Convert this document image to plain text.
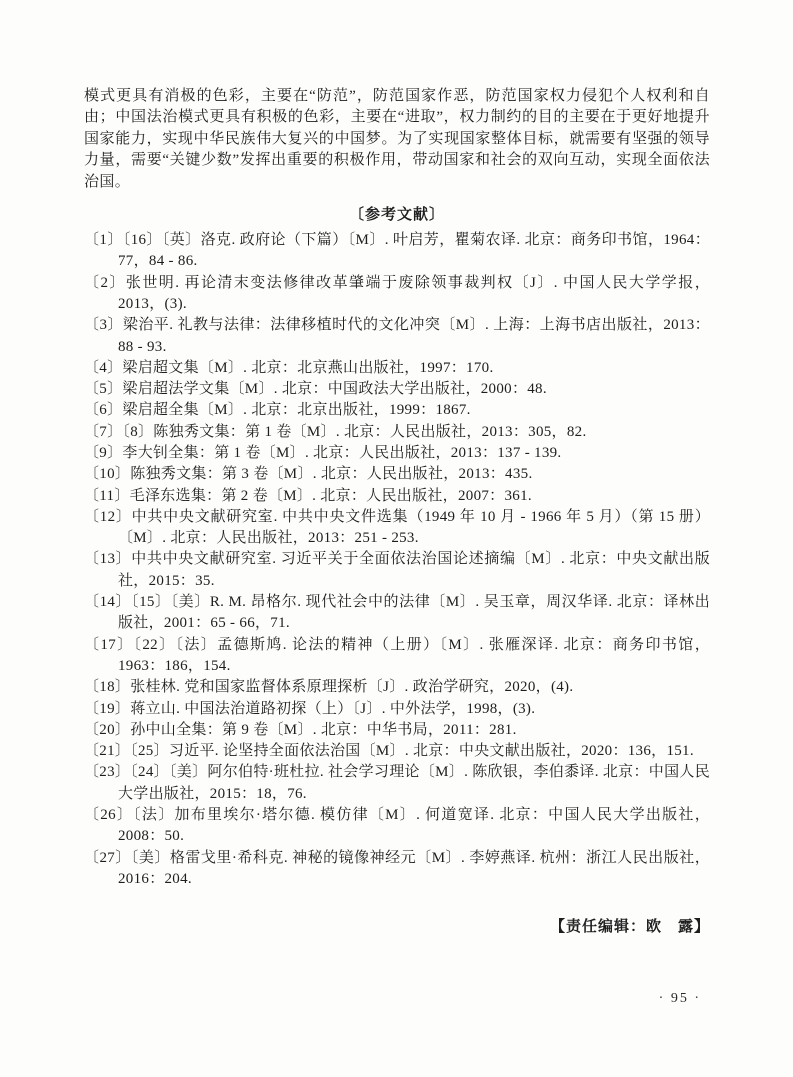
模式更具有消极的色彩，主要在“防范”，防范国家作恶，防范国家权力侵犯个人权利和自由；中国法治模式更具有积极的色彩，主要在“进取”，权力制约的目的主要在于更好地提升国家能力，实现中华民族伟大复兴的中国梦。为了实现国家整体目标，就需要有坚强的领导力量，需要“关键少数”发挥出重要的积极作用，带动国家和社会的双向互动，实现全面依法治国。

〔参考文献〕
〔1〕〔16〕〔英〕洛克. 政府论（下篇）〔M〕. 叶启芳，瞿菊农译. 北京：商务印书馆，1964：77，84 - 86.
〔2〕张世明. 再论清末变法修律改革肇端于废除领事裁判权〔J〕. 中国人民大学学报，2013，(3).
〔3〕梁治平. 礼教与法律：法律移植时代的文化冲突〔M〕. 上海：上海书店出版社，2013：88 - 93.
〔4〕梁启超文集〔M〕. 北京：北京燕山出版社，1997：170.
〔5〕梁启超法学文集〔M〕. 北京：中国政法大学出版社，2000：48.
〔6〕梁启超全集〔M〕. 北京：北京出版社，1999：1867.
〔7〕〔8〕陈独秀文集：第 1 卷〔M〕. 北京：人民出版社，2013：305，82.
〔9〕李大钊全集：第 1 卷〔M〕. 北京：人民出版社，2013：137 - 139.
〔10〕陈独秀文集：第 3 卷〔M〕. 北京：人民出版社，2013：435.
〔11〕毛泽东选集：第 2 卷〔M〕. 北京：人民出版社，2007：361.
〔12〕中共中央文献研究室. 中共中央文件选集（1949 年 10 月 - 1966 年 5 月）（第 15 册）〔M〕. 北京：人民出版社，2013：251 - 253.
〔13〕中共中央文献研究室. 习近平关于全面依法治国论述摘编〔M〕. 北京：中央文献出版社，2015：35.
〔14〕〔15〕〔美〕R. M. 昂格尔. 现代社会中的法律〔M〕. 吴玉章，周汉华译. 北京：译林出版社，2001：65 - 66，71.
〔17〕〔22〕〔法〕孟德斯鸠. 论法的精神（上册）〔M〕. 张雁深译. 北京：商务印书馆，1963：186，154.
〔18〕张桂林. 党和国家监督体系原理探析〔J〕. 政治学研究，2020，(4).
〔19〕蒋立山. 中国法治道路初探（上）〔J〕. 中外法学，1998，(3).
〔20〕孙中山全集：第 9 卷〔M〕. 北京：中华书局，2011：281.
〔21〕〔25〕习近平. 论坚持全面依法治国〔M〕. 北京：中央文献出版社，2020：136，151.
〔23〕〔24〕〔美〕阿尔伯特·班杜拉. 社会学习理论〔M〕. 陈欣银，李伯黍译. 北京：中国人民大学出版社，2015：18，76.
〔26〕〔法〕加布里埃尔·塔尔德. 模仿律〔M〕. 何道宽译. 北京：中国人民大学出版社，2008：50.
〔27〕〔美〕格雷戈里·希科克. 神秘的镜像神经元〔M〕. 李婷燕译. 杭州：浙江人民出版社，2016：204.
【责任编辑：欧　露】
· 95 ·
